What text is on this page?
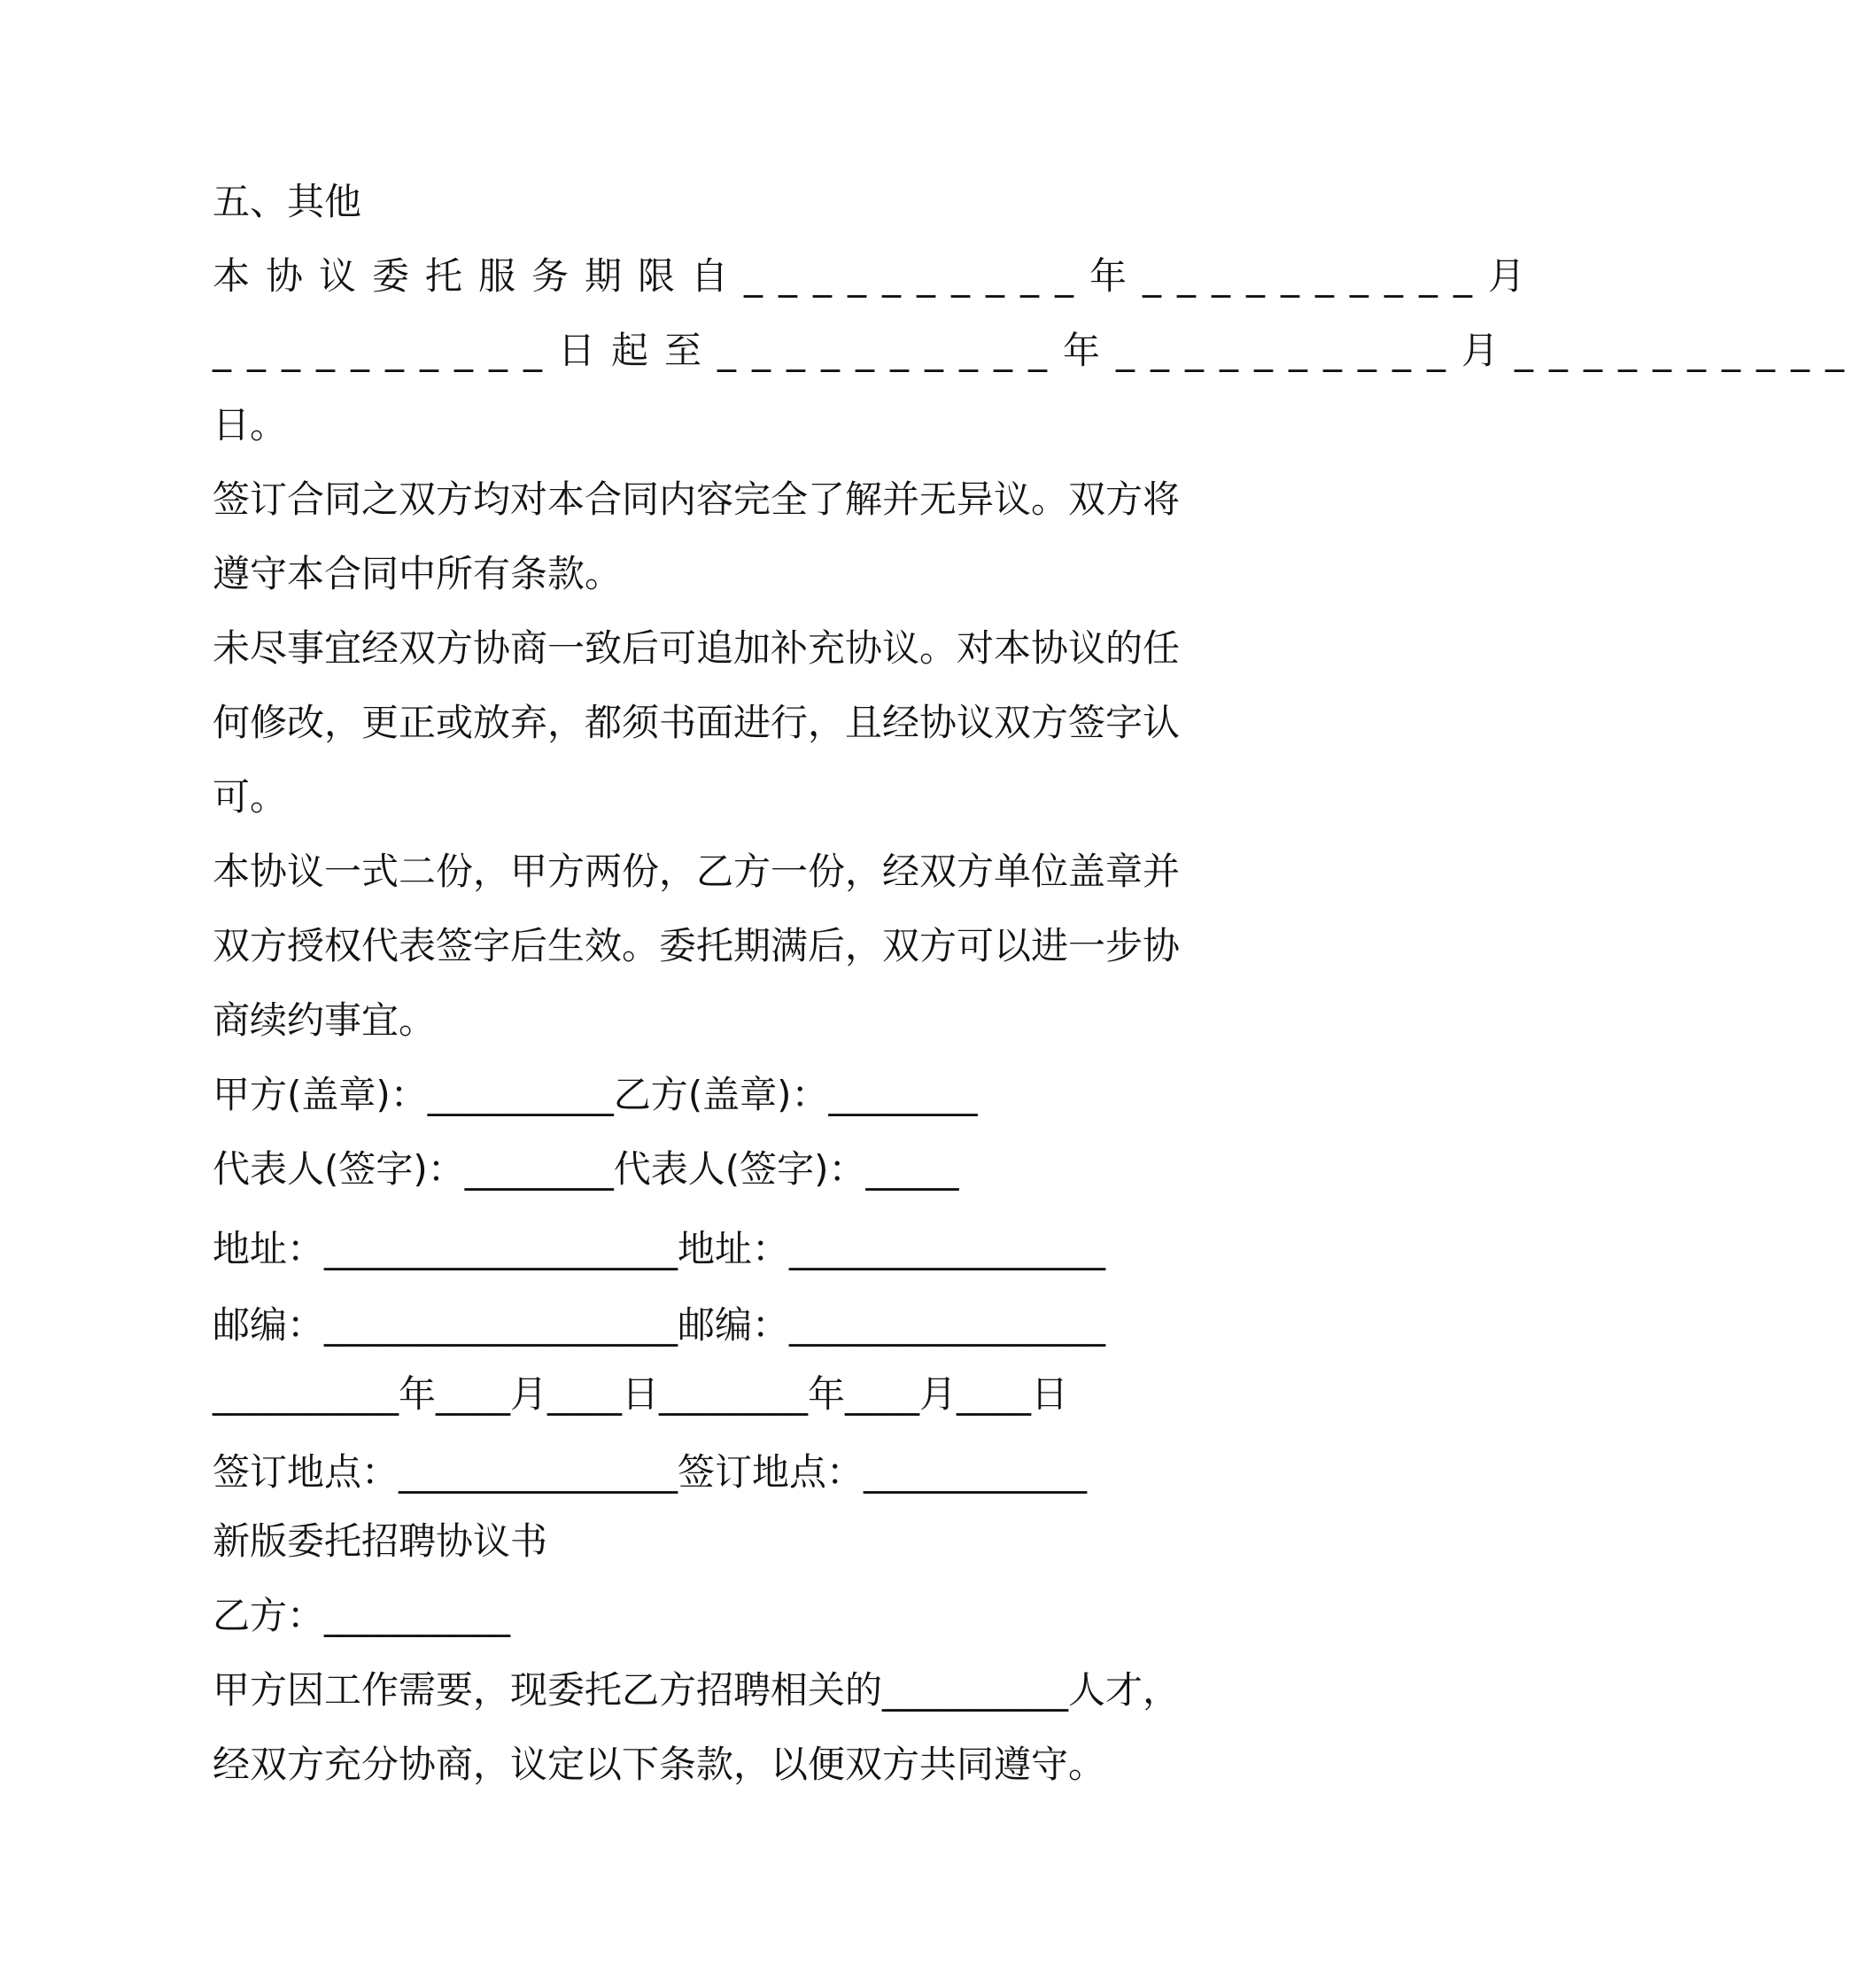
五、其他
本协议委托服务期限自__________年__________月
__________日起至__________年__________月__________
日。
签订合同之双方均对本合同内容完全了解并无异议。双方将
遵守本合同中所有条款。
未尽事宜经双方协商一致后可追加补充协议。对本协议的任
何修改，更正或放弃，都须书面进行，且经协议双方签字认
可。
本协议一式二份，甲方两份，乙方一份，经双方单位盖章并
双方授权代表签字后生效。委托期满后，双方可以进一步协
商续约事宜。
甲方(盖章)：__________乙方(盖章)：________
代表人(签字)：________代表人(签字)：_____
地址：___________________地址：_________________
邮编：___________________邮编：_________________
__________年____月____日________年____月____日
签订地点：_______________签订地点：____________
新版委托招聘协议书
乙方：__________
甲方因工作需要，现委托乙方招聘相关的__________人才，
经双方充分协商，议定以下条款，以便双方共同遵守。
